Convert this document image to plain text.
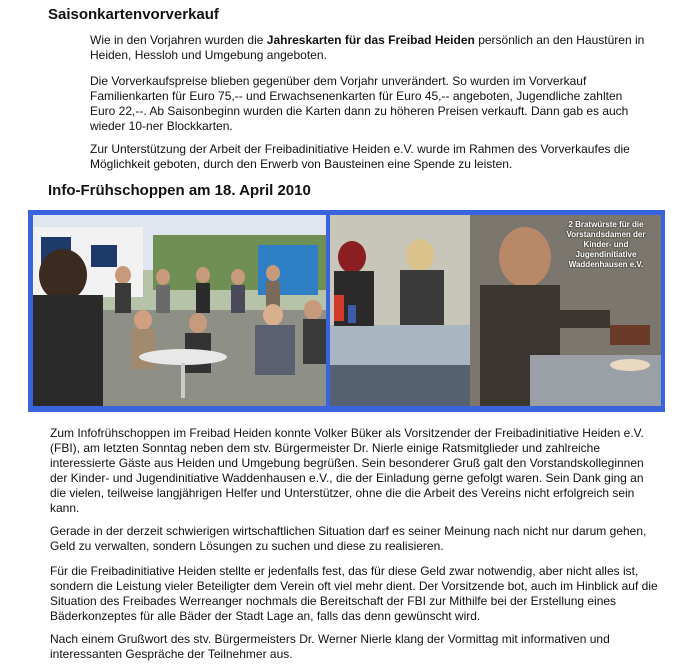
Saisonkartenvorverkauf

Wie in den Vorjahren wurden die Jahreskarten für das Freibad Heiden persönlich an den Haustüren in Heiden, Hessloh und Umgebung angeboten.

Die Vorverkaufspreise blieben gegenüber dem Vorjahr unverändert. So wurden im Vorverkauf Familienkarten für Euro 75,-- und Erwachsenenkarten für Euro 45,-- angeboten, Jugendliche zahlten Euro 22,--. Ab Saisonbeginn wurden die Karten dann zu höheren Preisen verkauft. Dann gab es auch wieder 10-ner Blockkarten.

Zur Unterstützung der Arbeit der Freibadinitiative Heiden e.V. wurde im Rahmen des Vorverkaufes die Möglichkeit geboten, durch den Erwerb von Bausteinen eine Spende zu leisten.

Info-Frühschoppen am 18. April 2010
2 Bratwürste für die Vorstandsdamen der Kinder- und Jugendinitiative Waddenhausen e.V.

Zum Infofrühschoppen im Freibad Heiden konnte Volker Büker als Vorsitzender der Freibadinitiative Heiden e.V. (FBI), am letzten Sonntag neben dem stv. Bürgermeister Dr. Nierle einige Ratsmitglieder und zahlreiche interessierte Gäste aus Heiden und Umgebung begrüßen. Sein besonderer Gruß galt den Vorstandskolleginnen der Kinder- und Jugendinitiative Waddenhausen e.V., die der Einladung gerne gefolgt waren. Sein Dank ging an die vielen, teilweise langjährigen Helfer und Unterstützer, ohne die die Arbeit des Vereins nicht erfolgreich sein kann.

Gerade in der derzeit schwierigen wirtschaftlichen Situation darf es seiner Meinung nach nicht nur darum gehen, Geld zu verwalten, sondern Lösungen zu suchen und diese zu realisieren.

Für die Freibadinitiative Heiden stellte er jedenfalls fest, das für diese Geld zwar notwendig, aber nicht alles ist, sondern die Leistung vieler Beteiligter dem Verein oft viel mehr dient. Der Vorsitzende bot, auch im Hinblick auf die Situation des Freibades Werreanger nochmals die Bereitschaft der FBI zur Mithilfe bei der Erstellung eines Bäderkonzeptes für alle Bäder der Stadt Lage an, falls das denn gewünscht wird.

Nach einem Grußwort des stv. Bürgermeisters Dr. Werner Nierle klang der Vormittag mit informativen und interessanten Gespräche der Teilnehmer aus.
